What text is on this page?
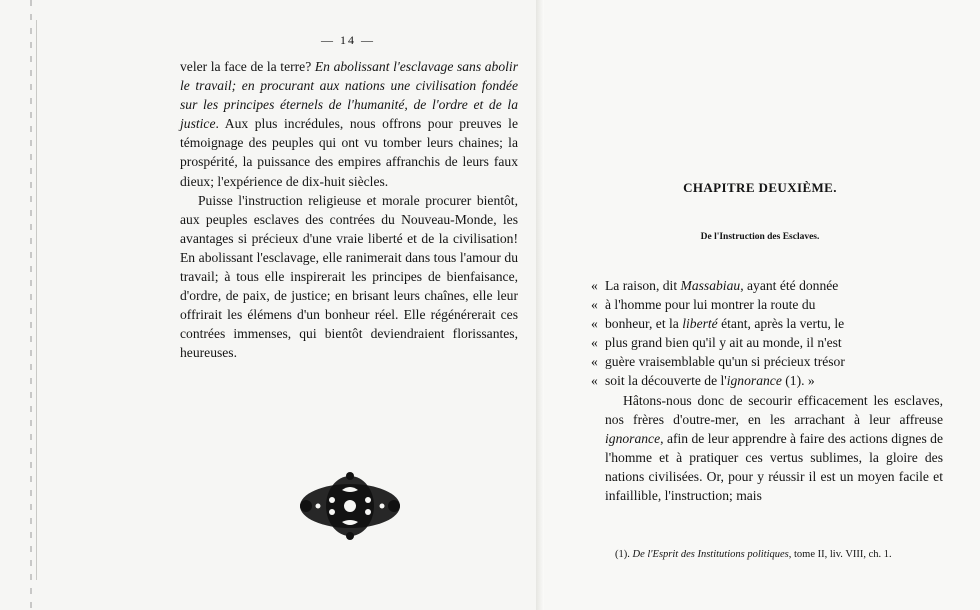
— 14 —

veler la face de la terre? En abolissant l'esclavage sans abolir le travail; en procurant aux nations une civilisation fondée sur les principes éternels de l'humanité, de l'ordre et de la justice. Aux plus incrédules, nous offrons pour preuves le témoignage des peuples qui ont vu tomber leurs chaines; la prospérité, la puissance des empires affranchis de leurs faux dieux; l'expérience de dix-huit siècles.

Puisse l'instruction religieuse et morale procurer bientôt, aux peuples esclaves des contrées du Nouveau-Monde, les avantages si précieux d'une vraie liberté et de la civilisation! En abolissant l'esclavage, elle ranimerait dans tous l'amour du travail; à tous elle inspirerait les principes de bienfaisance, d'ordre, de paix, de justice; en brisant leurs chaînes, elle leur offrirait les élémens d'un bonheur réel. Elle régénérerait ces contrées immenses, qui bientôt deviendraient florissantes, heureuses.

CHAPITRE DEUXIÈME.
De l'Instruction des Esclaves.
« La raison, dit Massabiau, ayant été donnée
« à l'homme pour lui montrer la route du
« bonheur, et la liberté étant, après la vertu, le
« plus grand bien qu'il y ait au monde, il n'est
« guère vraisemblable qu'un si précieux trésor
« soit la découverte de l'ignorance (1). »

Hâtons-nous donc de secourir efficacement les esclaves, nos frères d'outre-mer, en les arrachant à leur affreuse ignorance, afin de leur apprendre à faire des actions dignes de l'homme et à pratiquer ces vertus sublimes, la gloire des nations civilisées. Or, pour y réussir il est un moyen facile et infaillible, l'instruction; mais

(1). De l'Esprit des Institutions politiques, tome II, liv. VIII, ch. 1.
